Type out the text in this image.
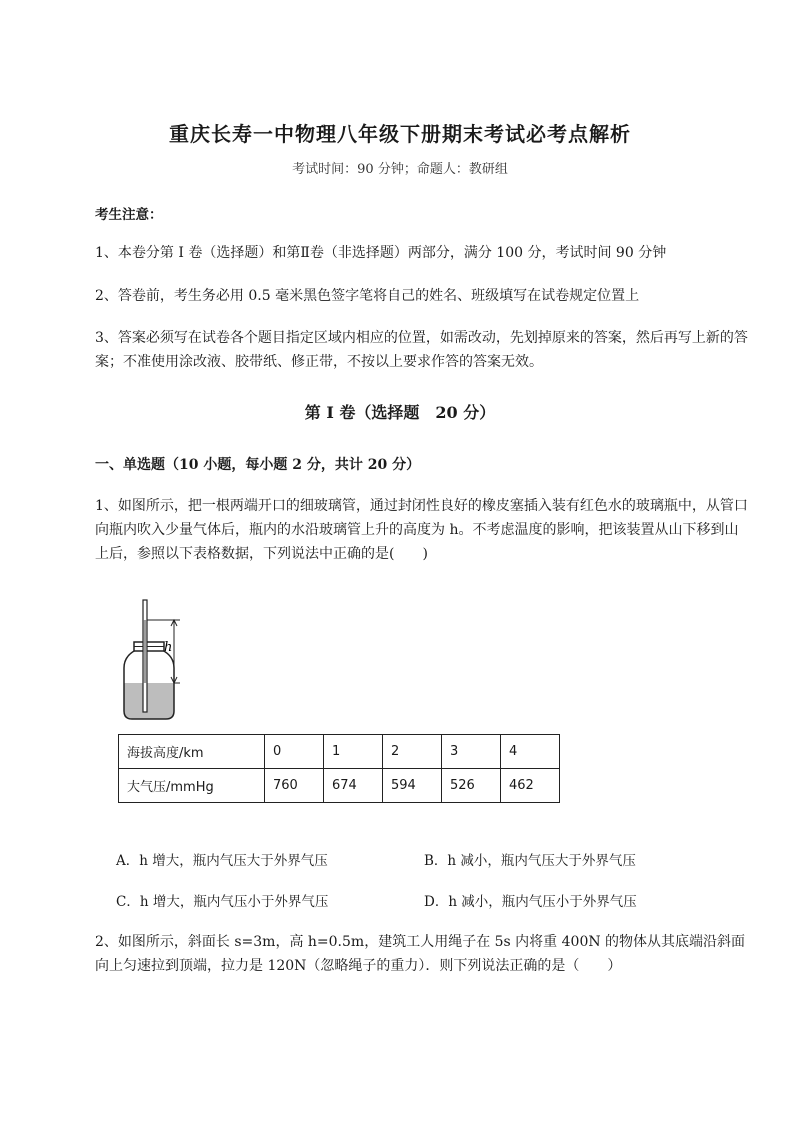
重庆长寿一中物理八年级下册期末考试必考点解析
考试时间：90 分钟；命题人：教研组
考生注意：
1、本卷分第 I 卷（选择题）和第Ⅱ卷（非选择题）两部分，满分 100 分，考试时间 90 分钟
2、答卷前，考生务必用 0.5 毫米黑色签字笔将自己的姓名、班级填写在试卷规定位置上
3、答案必须写在试卷各个题目指定区域内相应的位置，如需改动，先划掉原来的答案，然后再写上新的答案；不准使用涂改液、胶带纸、修正带，不按以上要求作答的答案无效。
第 I 卷（选择题　20 分）
一、单选题（10 小题，每小题 2 分，共计 20 分）
1、如图所示，把一根两端开口的细玻璃管，通过封闭性良好的橡皮塞插入装有红色水的玻璃瓶中，从管口向瓶内吹入少量气体后，瓶内的水沿玻璃管上升的高度为 h。不考虑温度的影响，把该装置从山下移到山上后，参照以下表格数据，下列说法中正确的是(　　)
h
海拔高度/km	0	1	2	3	4
大气压/mmHg	760	674	594	526	462
A．h 增大，瓶内气压大于外界气压	B．h 减小，瓶内气压大于外界气压
C．h 增大，瓶内气压小于外界气压	D．h 减小，瓶内气压小于外界气压
2、如图所示，斜面长 s=3m，高 h=0.5m，建筑工人用绳子在 5s 内将重 400N 的物体从其底端沿斜面向上匀速拉到顶端，拉力是 120N（忽略绳子的重力）．则下列说法正确的是（　　）
